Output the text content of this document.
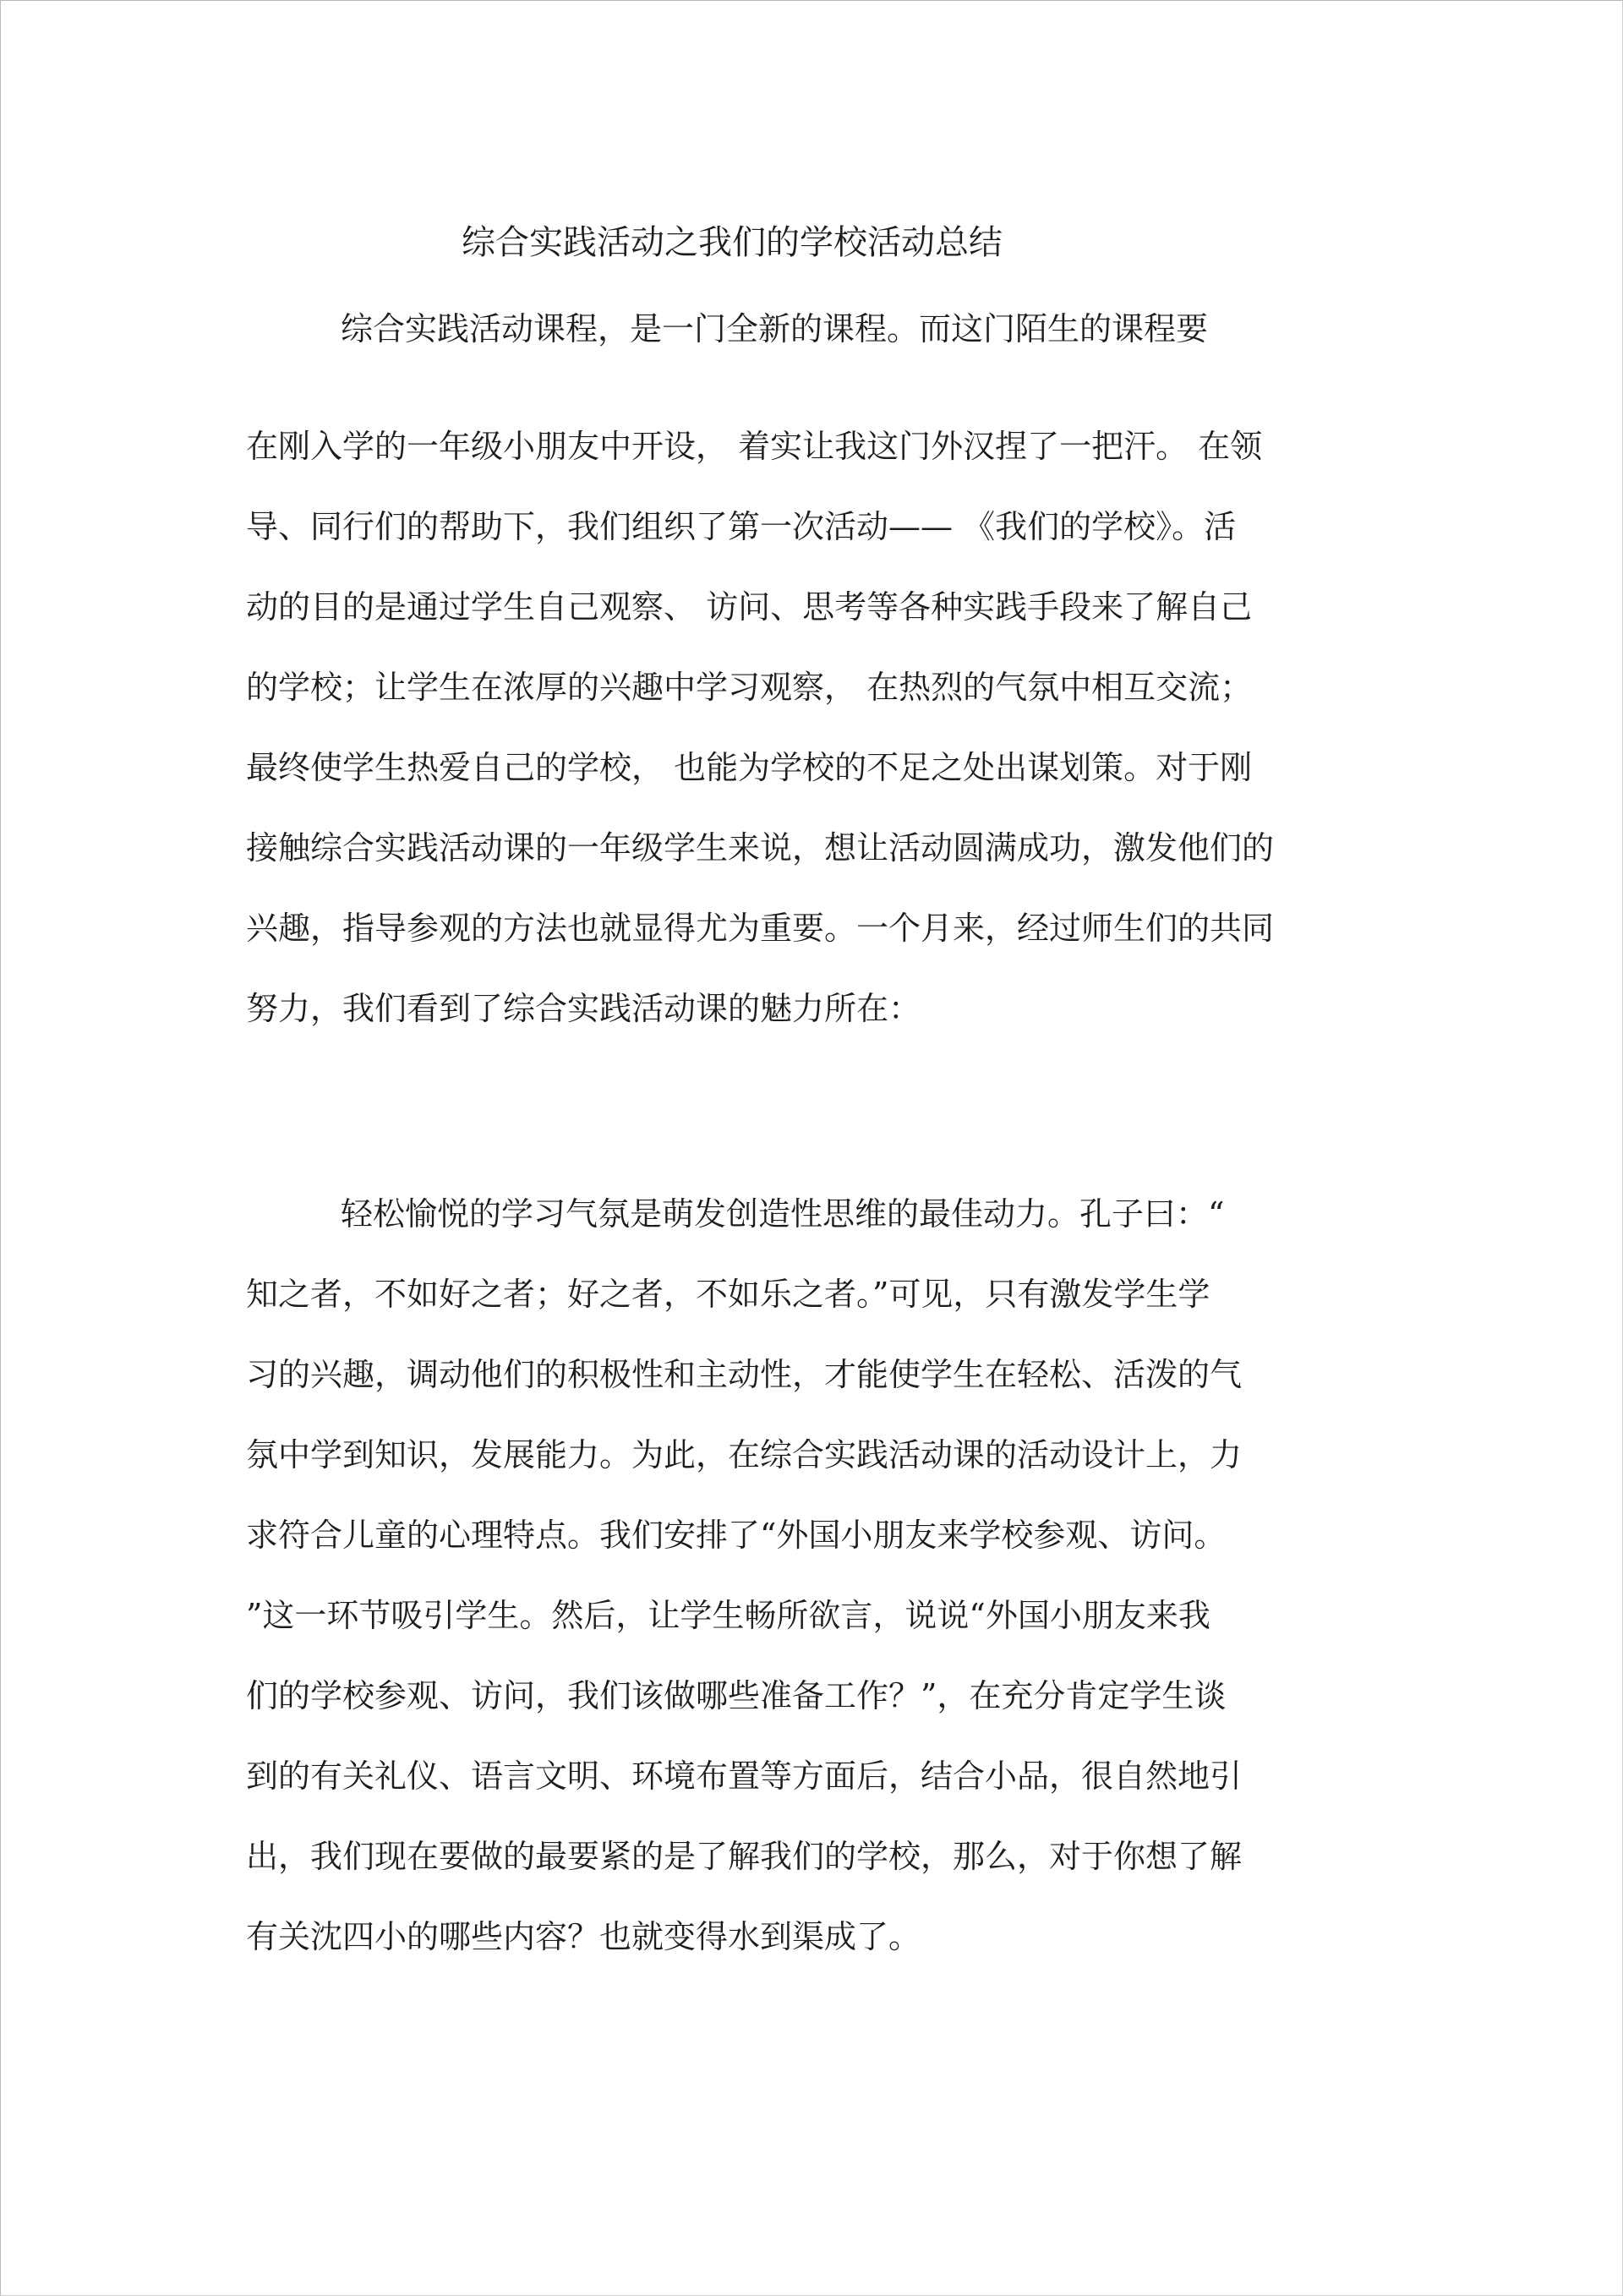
综合实践活动之我们的学校活动总结

综合实践活动课程，是一门全新的课程。而这门陌生的课程要

在刚入学的一年级小朋友中开设， 着实让我这门外汉捏了一把汗。 在领

导、同行们的帮助下，我们组织了第一次活动—— 《我们的学校》。活

动的目的是通过学生自己观察、 访问、思考等各种实践手段来了解自己

的学校；让学生在浓厚的兴趣中学习观察， 在热烈的气氛中相互交流；

最终使学生热爱自己的学校， 也能为学校的不足之处出谋划策。对于刚

接触综合实践活动课的一年级学生来说，想让活动圆满成功，激发他们的

兴趣，指导参观的方法也就显得尤为重要。一个月来，经过师生们的共同

努力，我们看到了综合实践活动课的魅力所在：

轻松愉悦的学习气氛是萌发创造性思维的最佳动力。孔子曰：“

知之者，不如好之者；好之者，不如乐之者。”可见，只有激发学生学

习的兴趣，调动他们的积极性和主动性，才能使学生在轻松、活泼的气

氛中学到知识，发展能力。为此，在综合实践活动课的活动设计上，力

求符合儿童的心理特点。我们安排了“外国小朋友来学校参观、访问。

”这一环节吸引学生。然后，让学生畅所欲言，说说“外国小朋友来我

们的学校参观、访问，我们该做哪些准备工作？”，在充分肯定学生谈

到的有关礼仪、语言文明、环境布置等方面后，结合小品，很自然地引

出，我们现在要做的最要紧的是了解我们的学校，那么，对于你想了解

有关沈四小的哪些内容？也就变得水到渠成了。
